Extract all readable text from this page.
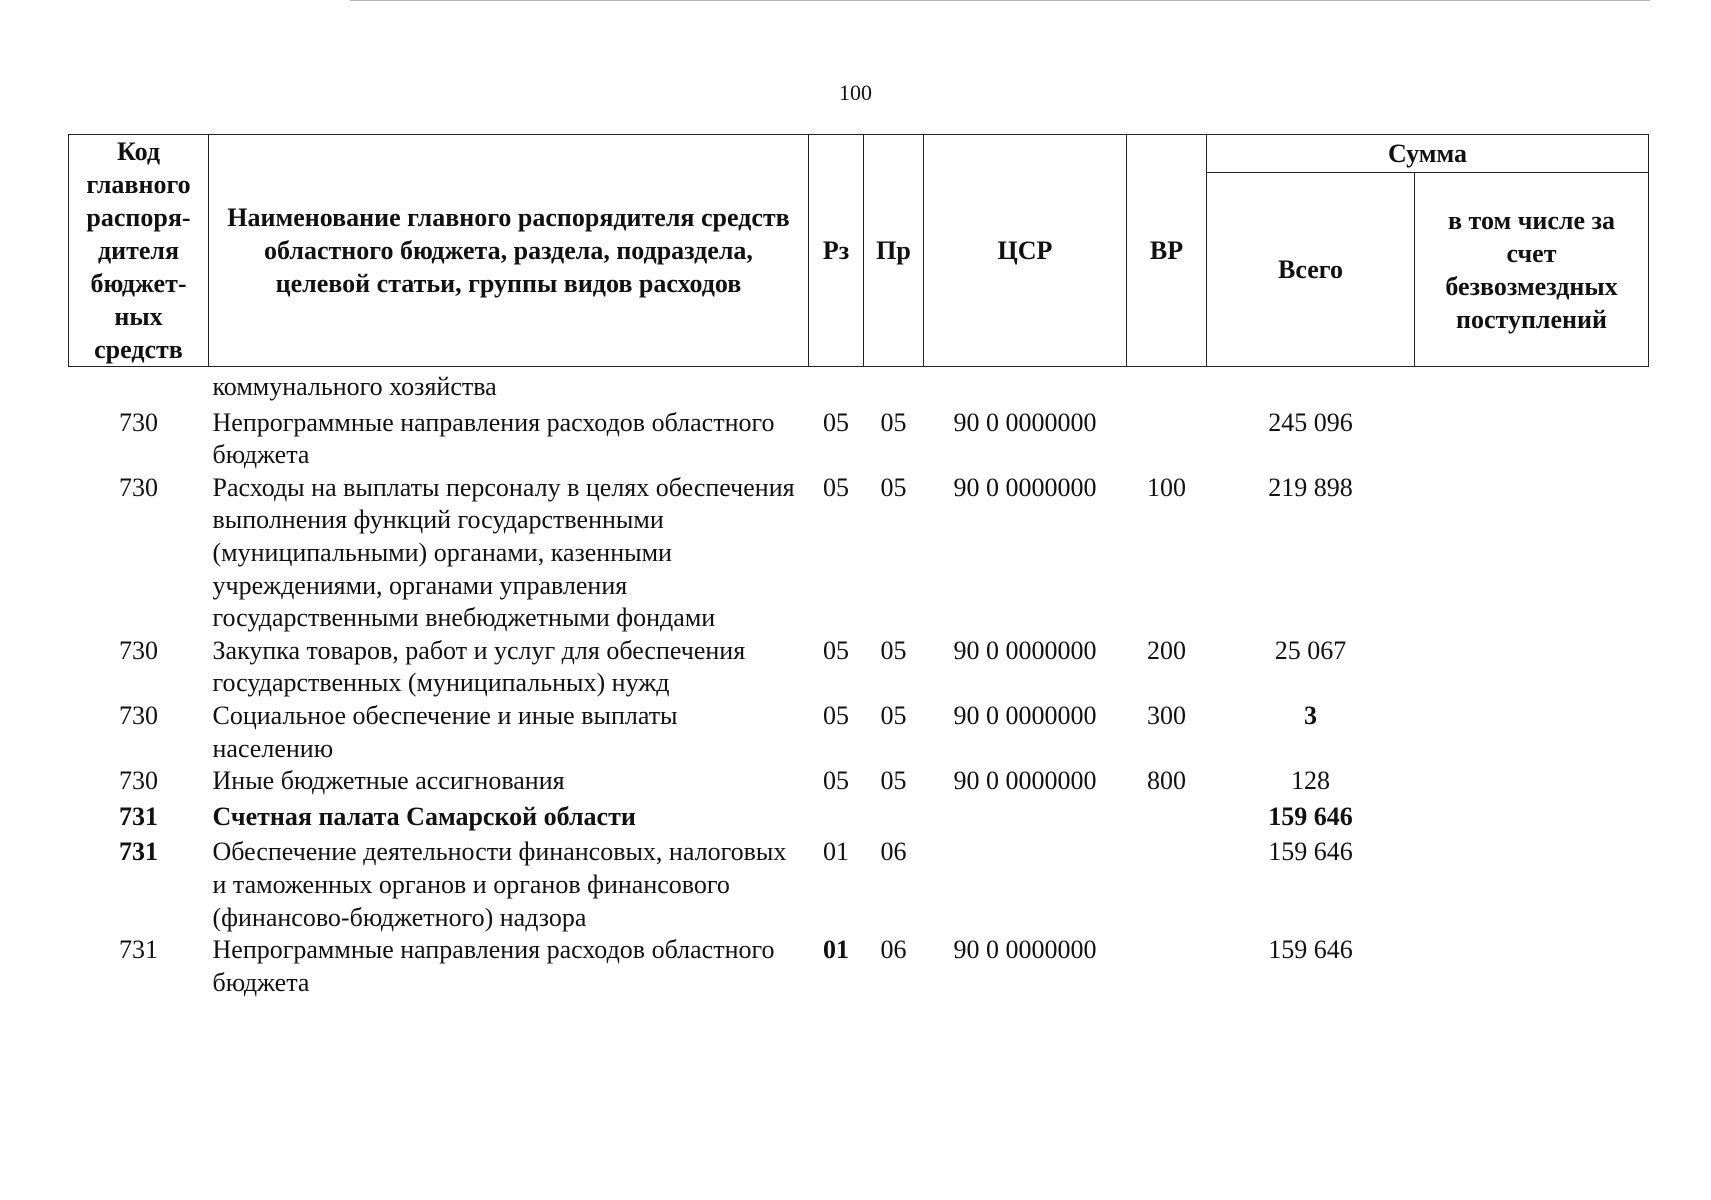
100
Код главного распоря-дителя бюджет-ных средств	Наименование главного распорядителя средств областного бюджета, раздела, подраздела, целевой статьи, группы видов расходов	Рз	Пр	ЦСР	ВР	Сумма	
						Всего	в том числе за счет безвозмездных поступлений
	коммунального хозяйства						
730	Непрограммные направления расходов областного бюджета	05	05	90 0 0000000		245 096	
730	Расходы на выплаты персоналу в целях обеспечения выполнения функций государственными (муниципальными) органами, казенными учреждениями, органами управления государственными внебюджетными фондами	05	05	90 0 0000000	100	219 898	
730	Закупка товаров, работ и услуг для обеспечения государственных (муниципальных) нужд	05	05	90 0 0000000	200	25 067	
730	Социальное обеспечение и иные выплаты населению	05	05	90 0 0000000	300	3	
730	Иные бюджетные ассигнования	05	05	90 0 0000000	800	128	
731	Счетная палата Самарской области					159 646	
731	Обеспечение деятельности финансовых, налоговых и таможенных органов и органов финансового (финансово-бюджетного) надзора	01	06			159 646	
731	Непрограммные направления расходов областного бюджета	01	06	90 0 0000000		159 646	
